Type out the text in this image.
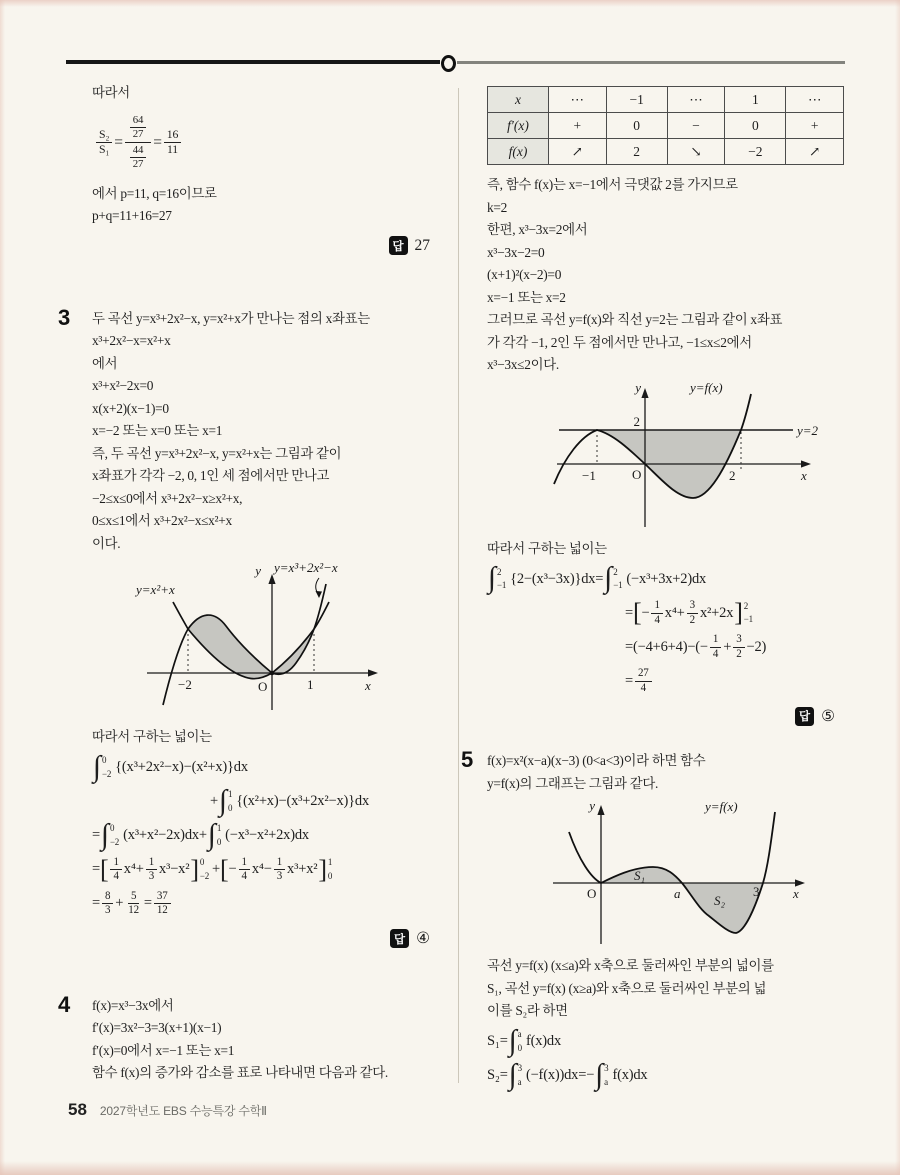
따라서
$\frac{\text{S₂}}{\text{S₁}} = \frac{\frac{64}{27}}{\frac{44}{27}} = \frac{16}{11}$
에서 p=11, q=16이므로
p+q=11+16=27
답 27
3 두 곡선 y=x³+2x²−x, y=x²+x가 만나는 점의 x좌표는
x³+2x²−x=x²+x
에서
x³+x²−2x=0
x(x+2)(x−1)=0
x=−2 또는 x=0 또는 x=1
즉, 두 곡선 y=x³+2x²−x, y=x²+x는 그림과 같이
x좌표가 각각 −2, 0, 1인 세 점에서만 만나고
−2≤x≤0에서 x³+2x²−x≥x²+x,
0≤x≤1에서 x³+2x²−x≤x²+x
이다.
y=x²+x
y=x³+2x²−x
y
x
−2	O	1
따라서 구하는 넓이는
∫ 0
−2 {(x³+2x²−x)−(x²+x)}dx
+ ∫ 1
0 {(x²+x)−(x³+2x²−x)}dx
= ∫ 0
−2 (x³+x²−2x)dx+ ∫ 1
0 (−x³−x²+2x)dx
= [ $\frac{1}{4} x^4+ \frac{1}{3} x^3-x^2$ ] 0
−2 + [ − $\frac{1}{4} x^4- \frac{1}{3} x^3+x^2$ ] 1
0
= $\frac{8}{3} + \frac{5}{12} = \frac{37}{12}$
답 ④
4 f(x)=x³−3x에서
f′(x)=3x²−3=3(x+1)(x−1)
f′(x)=0에서 x=−1 또는 x=1
함수 f(x)의 증가와 감소를 표로 나타내면 다음과 같다.
x	⋯	−1	⋯	1	⋯
f′(x)	+	0	−	0	+
f(x)	↗	2	↘	−2	↗
즉, 함수 f(x)는 x=−1에서 극댓값 2를 가지므로
k=2
한편, x³−3x=2에서
x³−3x−2=0
(x+1)²(x−2)=0
x=−1 또는 x=2
그러므로 곡선 y=f(x)와 직선 y=2는 그림과 같이 x좌표
가 각각 −1, 2인 두 점에서만 만나고, −1≤x≤2에서
x³−3x≤2이다.
y=f(x)
y=2
y
x
2
−1	O	2
따라서 구하는 넓이는
∫ 2
−1 {2−(x³−3x)}dx= ∫ 2
−1 (−x³+3x+2)dx
= [ − $\frac{1}{4} x^4+ \frac{3}{2} x^2+2x$ ] 2
−1
$=(-4+6+4)-(- \frac{1}{4} + \frac{3}{2} -2)$
= $\frac{27}{4}$
답 ⑤
5 f(x)=x²(x−a)(x−3) (0<a<3)이라 하면 함수
y=f(x)의 그래프는 그림과 같다.
y=f(x)
y
x
O	a	3
S₁
S₂
곡선 y=f(x) (x≤a)와 x축으로 둘러싸인 부분의 넓이를
S₁, 곡선 y=f(x) (x≥a)와 x축으로 둘러싸인 부분의 넓
이를 S₂라 하면
S₁= ∫ a
0 f(x)dx
S₂= ∫ 3
a (−f(x))dx=− ∫ 3
a f(x)dx
58 2027학년도 EBS 수능특강 수학Ⅱ
